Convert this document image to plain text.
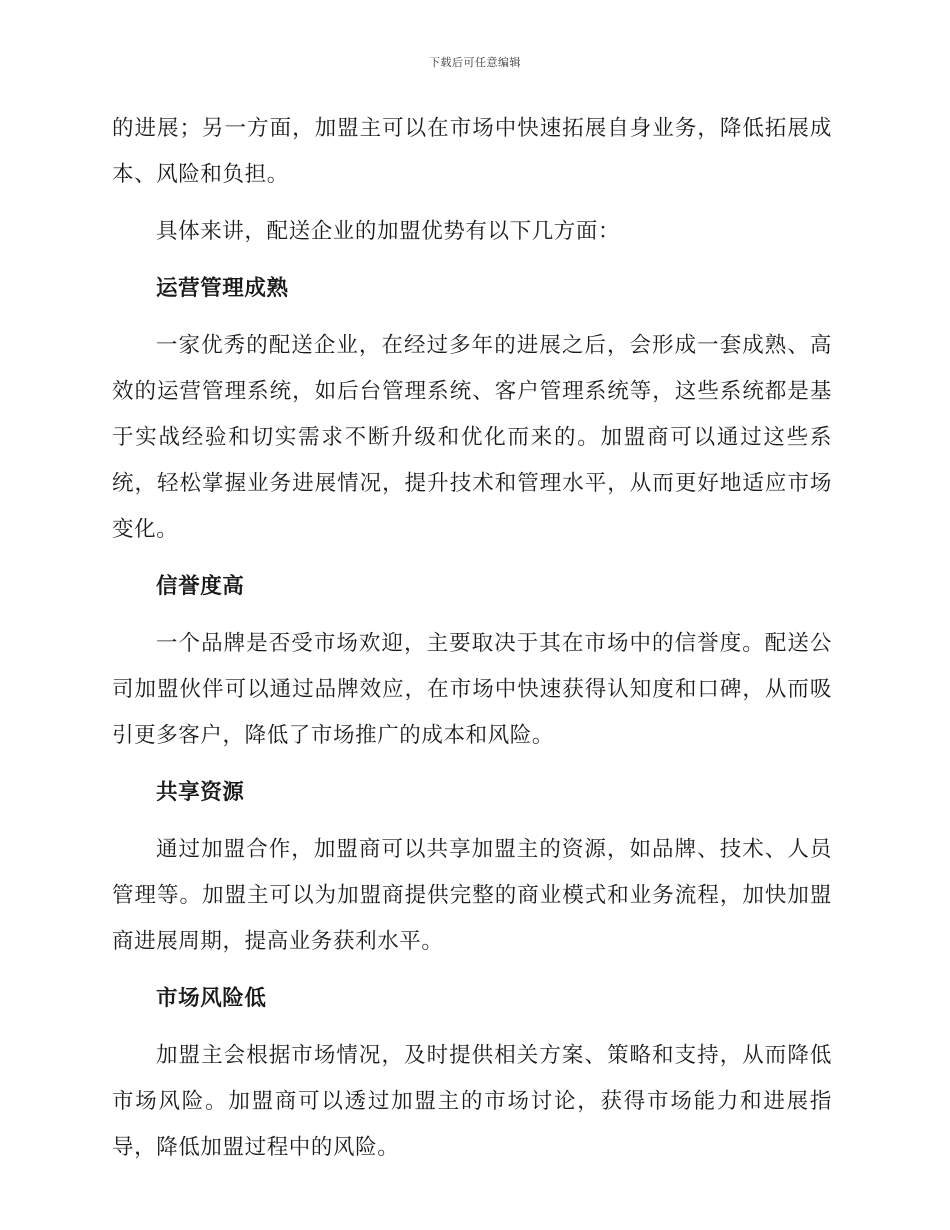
下载后可任意编辑

的进展；另一方面，加盟主可以在市场中快速拓展自身业务，降低拓展成本、风险和负担。

具体来讲，配送企业的加盟优势有以下几方面：

运营管理成熟

一家优秀的配送企业，在经过多年的进展之后，会形成一套成熟、高效的运营管理系统，如后台管理系统、客户管理系统等，这些系统都是基于实战经验和切实需求不断升级和优化而来的。加盟商可以通过这些系统，轻松掌握业务进展情况，提升技术和管理水平，从而更好地适应市场变化。

信誉度高

一个品牌是否受市场欢迎，主要取决于其在市场中的信誉度。配送公司加盟伙伴可以通过品牌效应，在市场中快速获得认知度和口碑，从而吸引更多客户，降低了市场推广的成本和风险。

共享资源

通过加盟合作，加盟商可以共享加盟主的资源，如品牌、技术、人员管理等。加盟主可以为加盟商提供完整的商业模式和业务流程，加快加盟商进展周期，提高业务获利水平。

市场风险低

加盟主会根据市场情况，及时提供相关方案、策略和支持，从而降低市场风险。加盟商可以透过加盟主的市场讨论，获得市场能力和进展指导，降低加盟过程中的风险。
